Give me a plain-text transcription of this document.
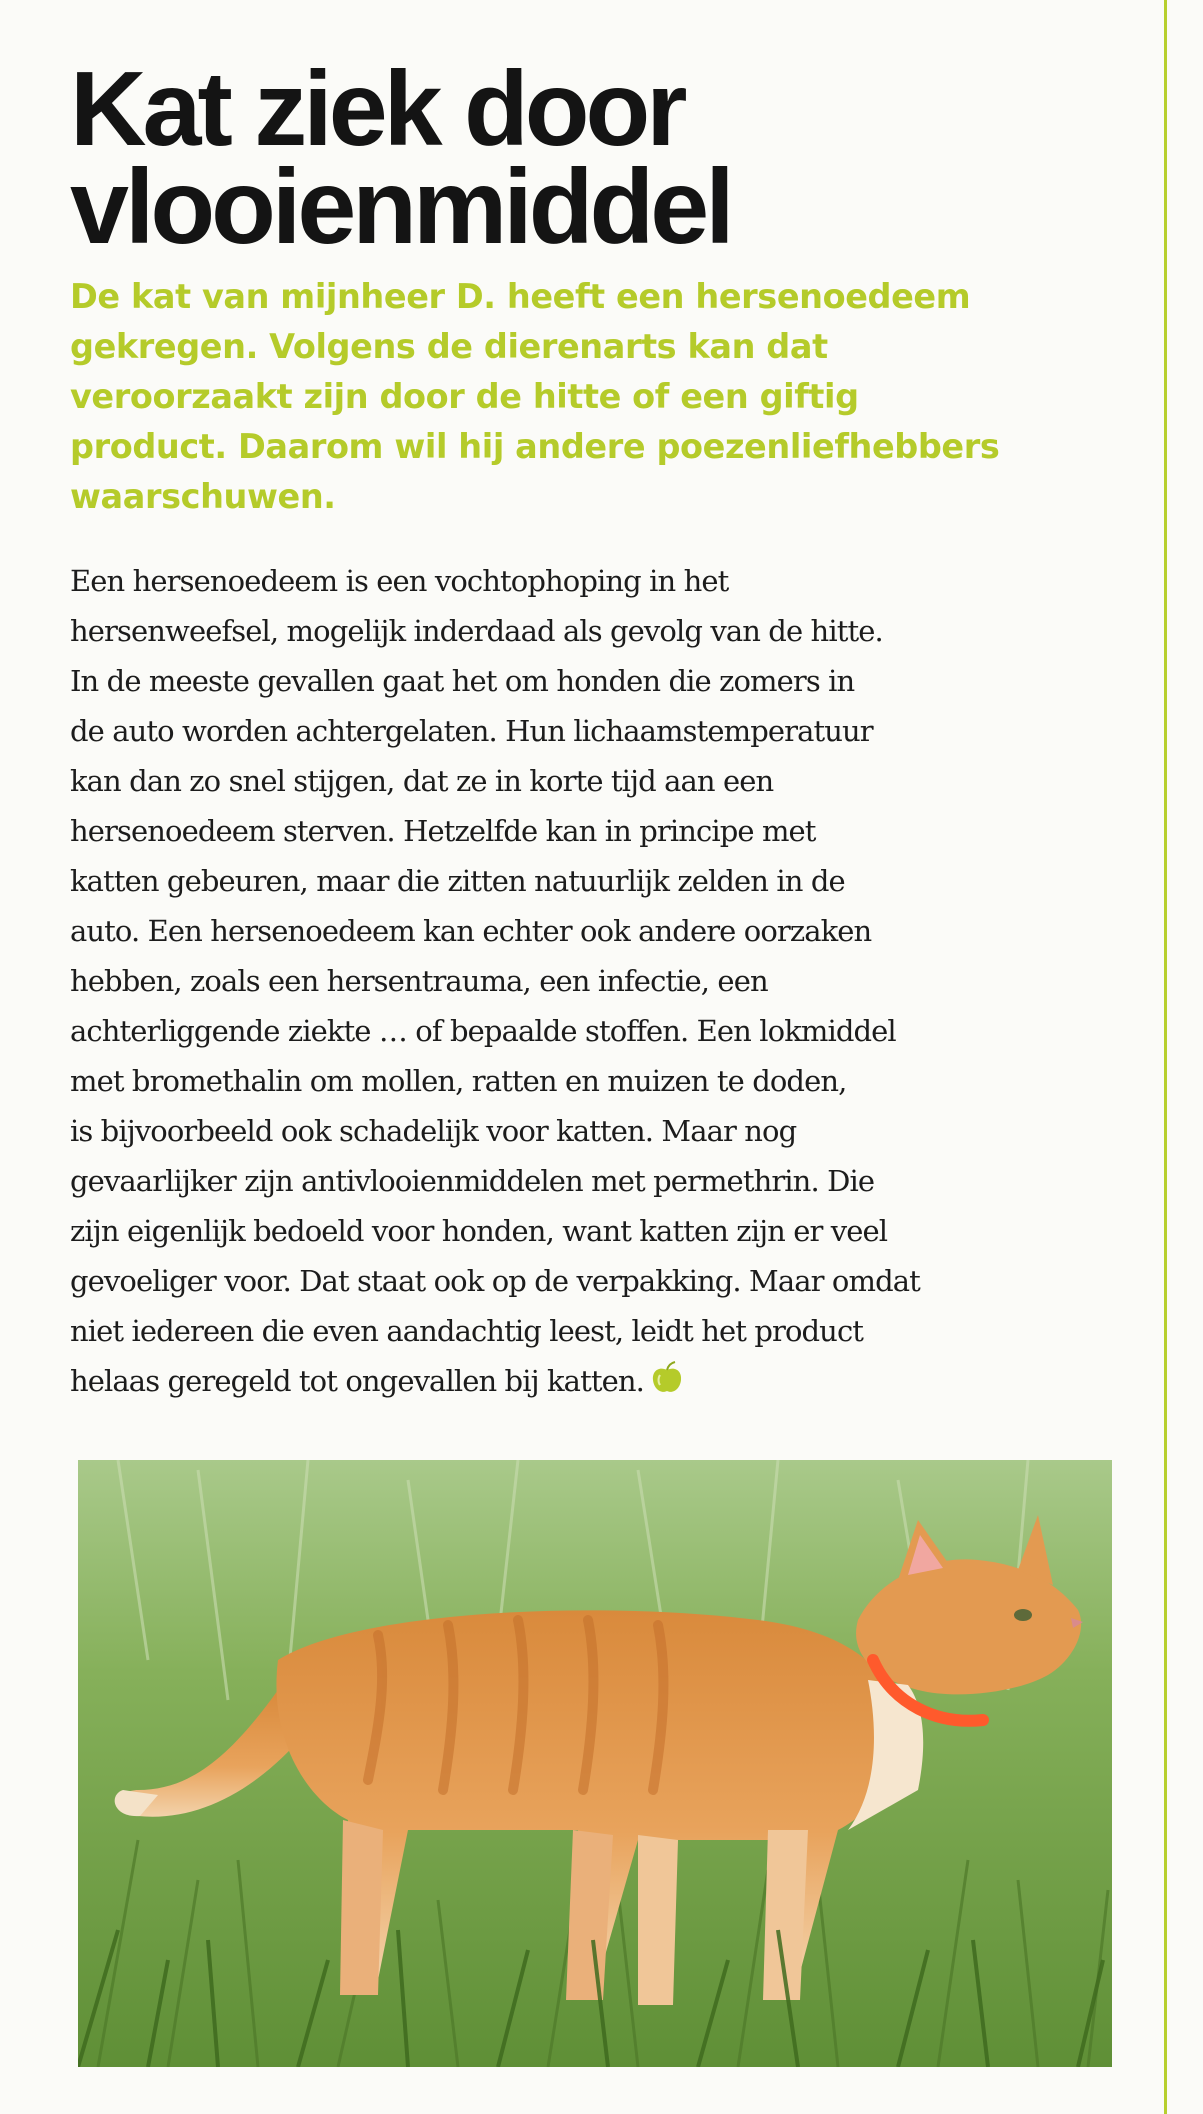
Kat ziek door
vlooienmiddel

De kat van mijnheer D. heeft een hersenoedeem
gekregen. Volgens de dierenarts kan dat
veroorzaakt zijn door de hitte of een giftig
product. Daarom wil hij andere poezenliefhebbers
waarschuwen.

Een hersenoedeem is een vochtophoping in het
hersenweefsel, mogelijk inderdaad als gevolg van de hitte.
In de meeste gevallen gaat het om honden die zomers in
de auto worden achtergelaten. Hun lichaamstemperatuur
kan dan zo snel stijgen, dat ze in korte tijd aan een
hersenoedeem sterven. Hetzelfde kan in principe met
katten gebeuren, maar die zitten natuurlijk zelden in de
auto. Een hersenoedeem kan echter ook andere oorzaken
hebben, zoals een hersentrauma, een infectie, een
achterliggende ziekte … of bepaalde stoffen. Een lokmiddel
met bromethalin om mollen, ratten en muizen te doden,
is bijvoorbeeld ook schadelijk voor katten. Maar nog
gevaarlijker zijn antivlooienmiddelen met permethrin. Die
zijn eigenlijk bedoeld voor honden, want katten zijn er veel
gevoeliger voor. Dat staat ook op de verpakking. Maar omdat
niet iedereen die even aandachtig leest, leidt het product
helaas geregeld tot ongevallen bij katten.
